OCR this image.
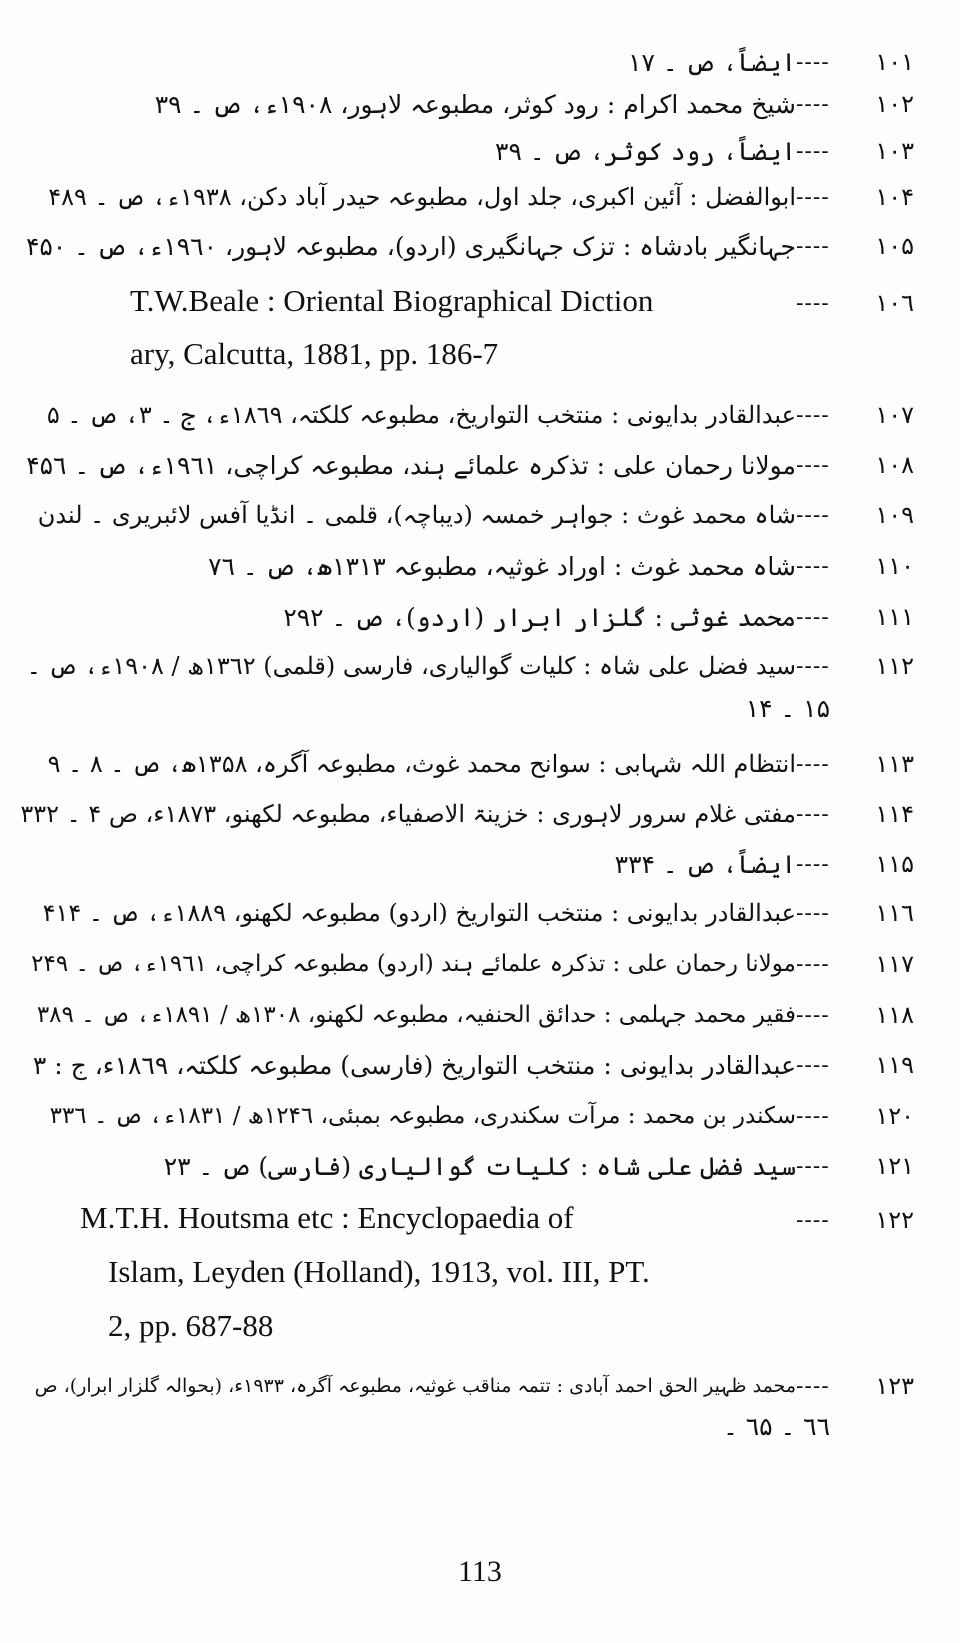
١٠١
----
ایضاً، ص ۔ ١٧
١٠٢
----
شیخ محمد اکرام : رود کوثر، مطبوعہ لاہور، ١٩٠٨ء، ص ۔ ٣٩
١٠٣
----
ایضاً، رود کوثر، ص ۔ ٣٩
١٠۴
----
ابوالفضل : آئین اکبری، جلد اول، مطبوعہ حیدر آباد دکن، ١٩٣٨ء، ص ۔ ۴٨٩
١٠۵
----
جہانگیر بادشاہ : تزک جہانگیری (اردو)، مطبوعہ لاہور، ١٩٦٠ء، ص ۔ ۴۵٠
١٠٦
----
T.W.Beale : Oriental Biographical Diction
ary, Calcutta, 1881, pp. 186-7
١٠٧
----
عبدالقادر بدایونی : منتخب التواریخ، مطبوعہ کلکتہ، ١٨٦٩ء، ج ۔ ٣، ص ۔ ۵
١٠٨
----
مولانا رحمان علی : تذکرہ علمائے ہند، مطبوعہ کراچی، ١٩٦١ء، ص ۔ ۴۵٦
١٠٩
----
شاہ محمد غوث : جواہر خمسہ (دیباچہ)، قلمی ۔ انڈیا آفس لائبریری ۔ لندن
١١٠
----
شاہ محمد غوث : اوراد غوثیہ، مطبوعہ ١٣١٣ھ، ص ۔ ٧٦
١١١
----
محمد غوثی : گلزار ابرار (اردو)، ص ۔ ٢٩٢
١١٢
----
سید فضل علی شاہ : کلیات گوالیاری، فارسی (قلمی) ١٣٦٢ھ / ١٩٠٨ء، ص ۔
١۵ ۔ ١۴
١١٣
----
انتظام اللہ شہابی : سوانح محمد غوث، مطبوعہ آگرہ، ١٣۵٨ھ، ص ۔ ٨ ۔ ٩
١١۴
----
مفتی غلام سرور لاہوری : خزینۃ الاصفیاء، مطبوعہ لکھنو، ١٨٧٣ء، ص ۴ ۔ ٣٣٢
١١۵
----
ایضاً، ص ۔ ٣٣۴
١١٦
----
عبدالقادر بدایونی : منتخب التواریخ (اردو) مطبوعہ لکھنو، ١٨٨٩ء، ص ۔ ۴١۴
١١٧
----
مولانا رحمان علی : تذکرہ علمائے ہند (اردو) مطبوعہ کراچی، ١٩٦١ء، ص ۔ ٢۴٩
١١٨
----
فقیر محمد جہلمی : حدائق الحنفیہ، مطبوعہ لکھنو، ١٣٠٨ھ / ١٨٩١ء، ص ۔ ٣٨٩
١١٩
----
عبدالقادر بدایونی : منتخب التواریخ (فارسی) مطبوعہ کلکتہ، ١٨٦٩ء، ج : ٣
١٢٠
----
سکندر بن محمد : مرآت سکندری، مطبوعہ بمبئی، ١٢۴٦ھ / ١٨٣١ء، ص ۔ ٣٣٦
١٢١
----
سید فضل علی شاہ : کلیات گوالیاری (فارسی) ص ۔ ٢٣
١٢٢
----
M.T.H. Houtsma etc : Encyclopaedia of
Islam, Leyden (Holland), 1913, vol. III, PT.
2, pp. 687-88
١٢٣
----
محمد ظہیر الحق احمد آبادی : تتمہ مناقب غوثیہ، مطبوعہ آگرہ، ١٩٣٣ء، (بحوالہ گلزار ابرار)، ص
٦٦ ۔ ٦۵ ۔
113
